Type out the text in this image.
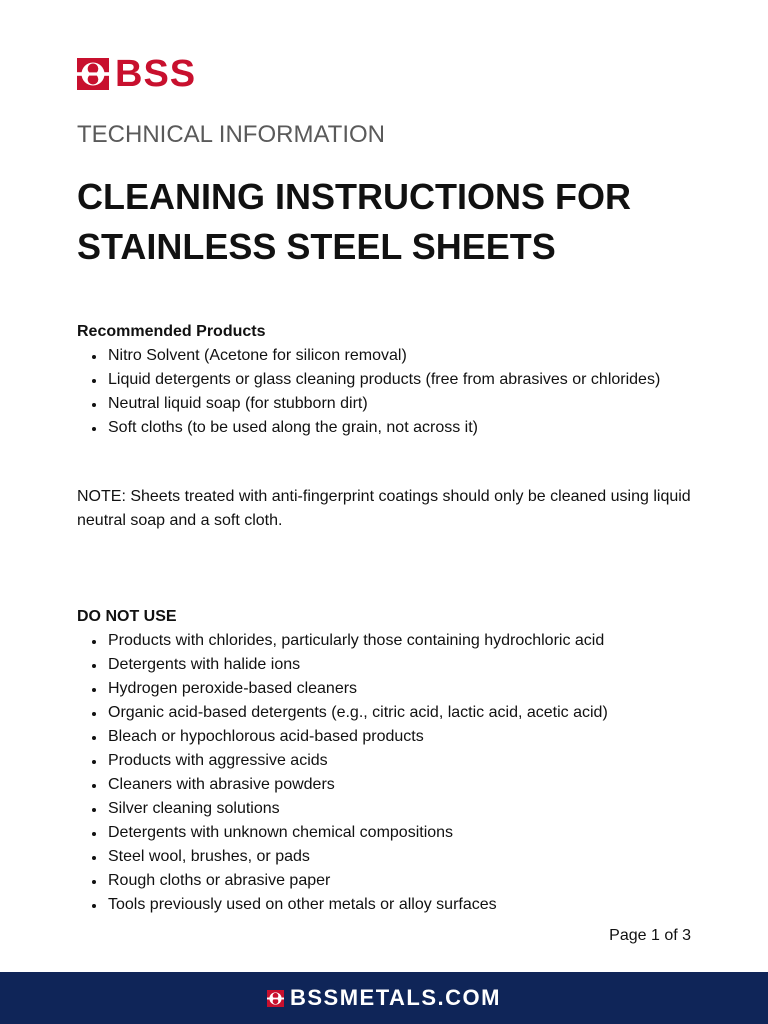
BSS
TECHNICAL INFORMATION
CLEANING INSTRUCTIONS FOR
STAINLESS STEEL SHEETS
Recommended Products
Nitro Solvent (Acetone for silicon removal)
Liquid detergents or glass cleaning products (free from abrasives or chlorides)
Neutral liquid soap (for stubborn dirt)
Soft cloths (to be used along the grain, not across it)

NOTE: Sheets treated with anti-fingerprint coatings should only be cleaned using liquid neutral soap and a soft cloth.

DO NOT USE
Products with chlorides, particularly those containing hydrochloric acid
Detergents with halide ions
Hydrogen peroxide-based cleaners
Organic acid-based detergents (e.g., citric acid, lactic acid, acetic acid)
Bleach or hypochlorous acid-based products
Products with aggressive acids
Cleaners with abrasive powders
Silver cleaning solutions
Detergents with unknown chemical compositions
Steel wool, brushes, or pads
Rough cloths or abrasive paper
Tools previously used on other metals or alloy surfaces
Page 1 of 3
BSSMETALS.COM
